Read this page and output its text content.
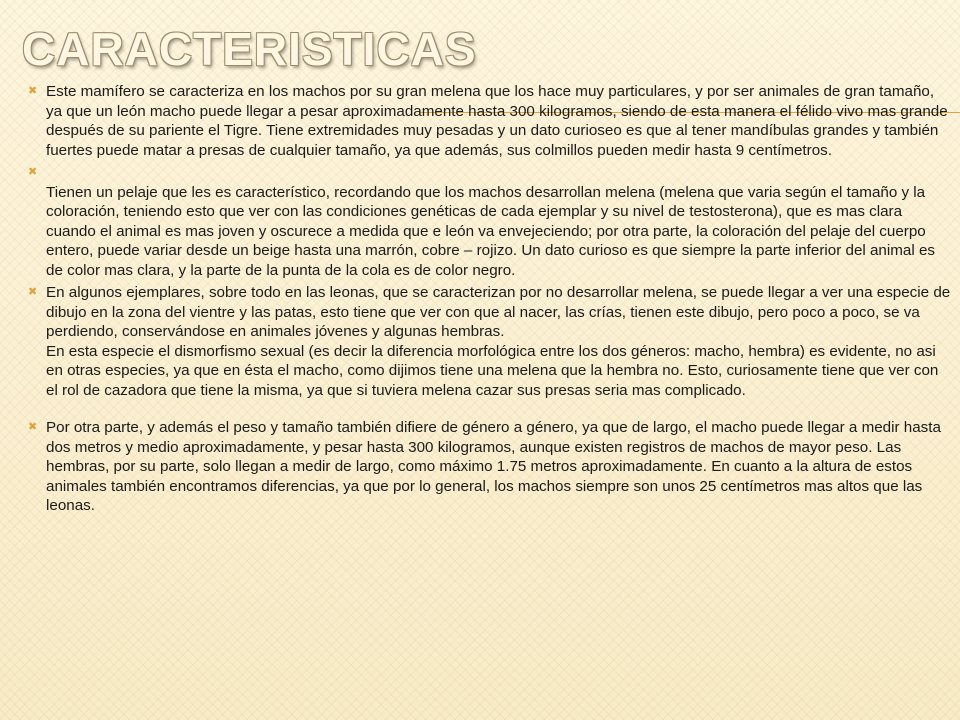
CARACTERISTICAS
✖ Este mamífero se caracteriza en los machos por su gran melena que los hace muy particulares, y por ser animales de gran tamaño, ya que un león macho puede llegar a pesar aproximadamente hasta 300 kilogramos, siendo de esta manera el félido vivo mas grande después de su pariente el Tigre. Tiene extremidades muy pesadas y un dato curioseo es que al tener mandíbulas grandes y también fuertes puede matar a presas de cualquier tamaño, ya que además, sus colmillos pueden medir hasta 9 centímetros.
✖

Tienen un pelaje que les es característico, recordando que los machos desarrollan melena (melena que varia según el tamaño y la coloración, teniendo esto que ver con las condiciones genéticas de cada ejemplar y su nivel de testosterona), que es mas clara cuando el animal es mas joven y oscurece a medida que e león va envejeciendo; por otra parte, la coloración del pelaje del cuerpo entero, puede variar desde un beige hasta una marrón, cobre – rojizo. Un dato curioso es que siempre la parte inferior del animal es de color mas clara, y la parte de la punta de la cola es de color negro.
✖ En algunos ejemplares, sobre todo en las leonas, que se caracterizan por no desarrollar melena, se puede llegar a ver una especie de dibujo en la zona del vientre y las patas, esto tiene que ver con que al nacer, las crías, tienen este dibujo, pero poco a poco, se va perdiendo, conservándose en animales jóvenes y algunas hembras.
En esta especie el dismorfismo sexual (es decir la diferencia morfológica entre los dos géneros: macho, hembra) es evidente, no asi en otras especies, ya que en ésta el macho, como dijimos tiene una melena que la hembra no. Esto, curiosamente tiene que ver con el rol de cazadora que tiene la misma, ya que si tuviera melena cazar sus presas seria mas complicado.
✖ Por otra parte, y además el peso y tamaño también difiere de género a género, ya que de largo, el macho puede llegar a medir hasta dos metros y medio aproximadamente, y pesar hasta 300 kilogramos, aunque existen registros de machos de mayor peso. Las hembras, por su parte, solo llegan a medir de largo, como máximo 1.75 metros aproximadamente. En cuanto a la altura de estos animales también encontramos diferencias, ya que por lo general, los machos siempre son unos 25 centímetros mas altos que las leonas.
